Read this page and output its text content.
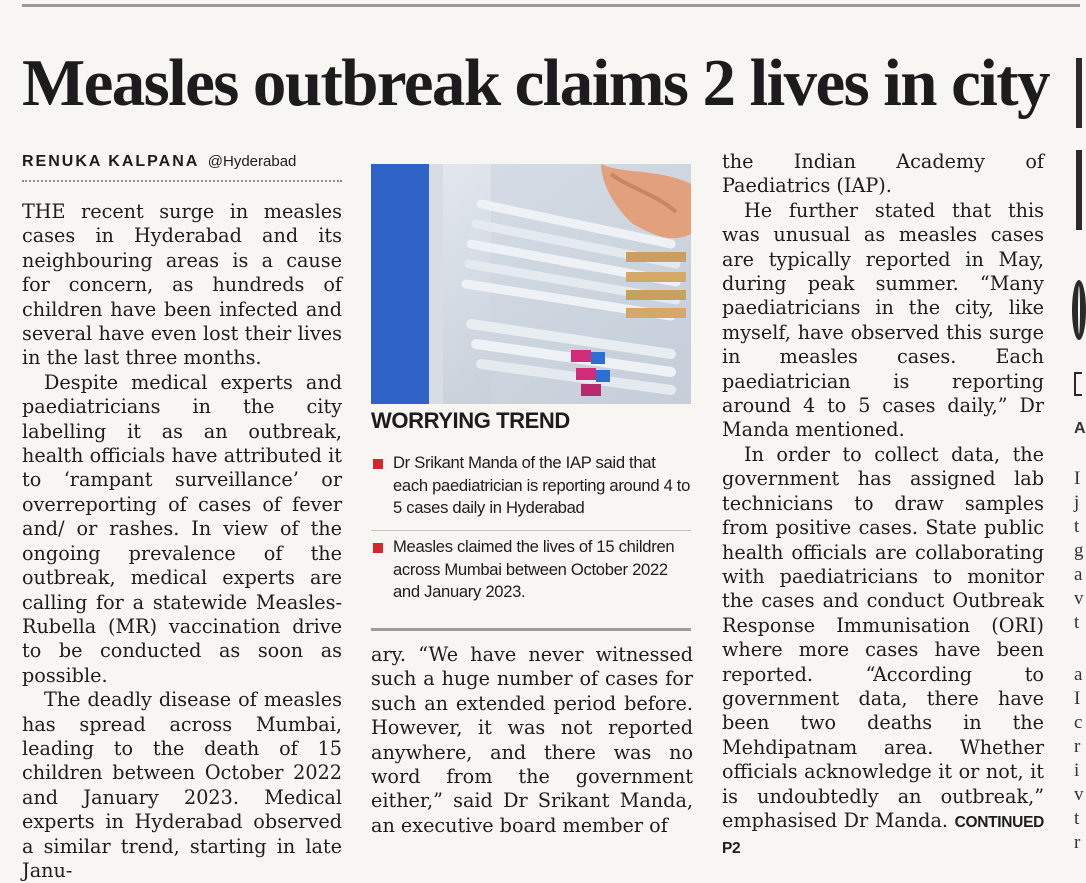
Measles outbreak claims 2 lives in city
RENUKA KALPANA @Hyderabad

THE recent surge in measles cases in Hyderabad and its neighbouring areas is a cause for concern, as hundreds of children have been infected and several have even lost their lives in the last three months.

Despite medical experts and paediatricians in the city labelling it as an outbreak, health officials have attributed it to ‘rampant surveillance’ or overreporting of cases of fever and/ or rashes. In view of the ongoing prevalence of the outbreak, medical experts are calling for a statewide Measles-Rubella (MR) vaccination drive to be conducted as soon as possible.

The deadly disease of measles has spread across Mumbai, leading to the death of 15 children between October 2022 and January 2023. Medical experts in Hyderabad observed a similar trend, starting in late Janu-

WORRYING TREND
Dr Srikant Manda of the IAP said that each paediatrician is reporting around 4 to 5 cases daily in Hyderabad
Measles claimed the lives of 15 children across Mumbai between October 2022 and January 2023.

ary. “We have never witnessed such a huge number of cases for such an extended period before. However, it was not reported anywhere, and there was no word from the government either,” said Dr Srikant Manda, an executive board member of

the Indian Academy of Paediatrics (IAP).

He further stated that this was unusual as measles cases are typically reported in May, during peak summer. “Many paediatricians in the city, like myself, have observed this surge in measles cases. Each paediatrician is reporting around 4 to 5 cases daily,” Dr Manda mentioned.

In order to collect data, the government has assigned lab technicians to draw samples from positive cases. State public health officials are collaborating with paediatricians to monitor the cases and conduct Outbreak Response Immunisation (ORI) where more cases have been reported. “According to government data, there have been two deaths in the Mehdipatnam area. Whether officials acknowledge it or not, it is undoubtedly an outbreak,” emphasised Dr Manda. CONTINUED P2

A
I
j
t
g
a
v
t
a
I
c
r
i
v
t
r
